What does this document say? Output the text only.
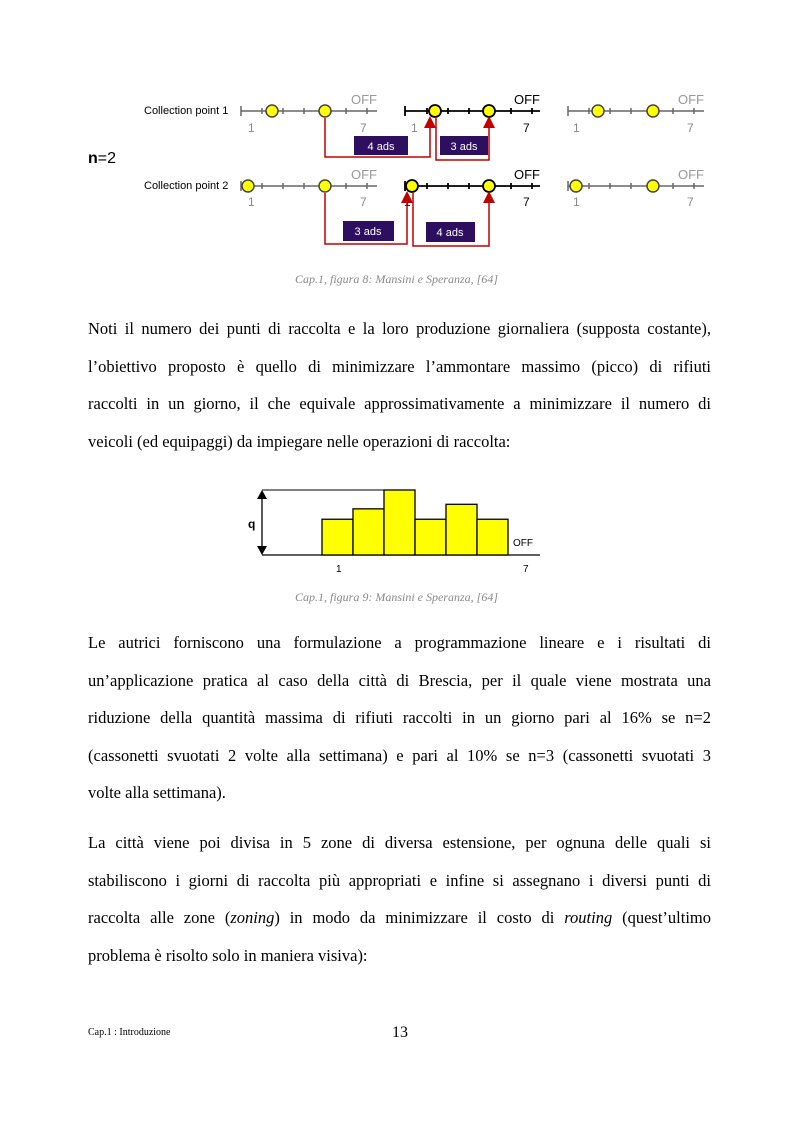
Collection point 1
OFF	OFF	OFF
1	7	1	7	1	7
4 ads	3 ads
n=2
Collection point 2
OFF	OFF	OFF
1	7	1	7	1	7
3 ads	4 ads
Cap.1, figura 8: Mansini e Speranza, [64]
Noti il numero dei punti di raccolta e la loro produzione giornaliera (supposta costante),
l’obiettivo proposto è quello di minimizzare l’ammontare massimo (picco) di rifiuti
raccolti in un giorno, il che equivale approssimativamente a minimizzare il numero di
veicoli (ed equipaggi) da impiegare nelle operazioni di raccolta:
q
OFF
1	7
Cap.1, figura 9: Mansini e Speranza, [64]
Le autrici forniscono una formulazione a programmazione lineare e i risultati di
un’applicazione pratica al caso della città di Brescia, per il quale viene mostrata una
riduzione della quantità massima di rifiuti raccolti in un giorno pari al 16% se n=2
(cassonetti svuotati 2 volte alla settimana) e pari al 10% se n=3 (cassonetti svuotati 3
volte alla settimana).
La città viene poi divisa in 5 zone di diversa estensione, per ognuna delle quali si
stabiliscono i giorni di raccolta più appropriati e infine si assegnano i diversi punti di
raccolta alle zone (zoning) in modo da minimizzare il costo di routing (quest’ultimo
problema è risolto solo in maniera visiva):
Cap.1 : Introduzione	13
